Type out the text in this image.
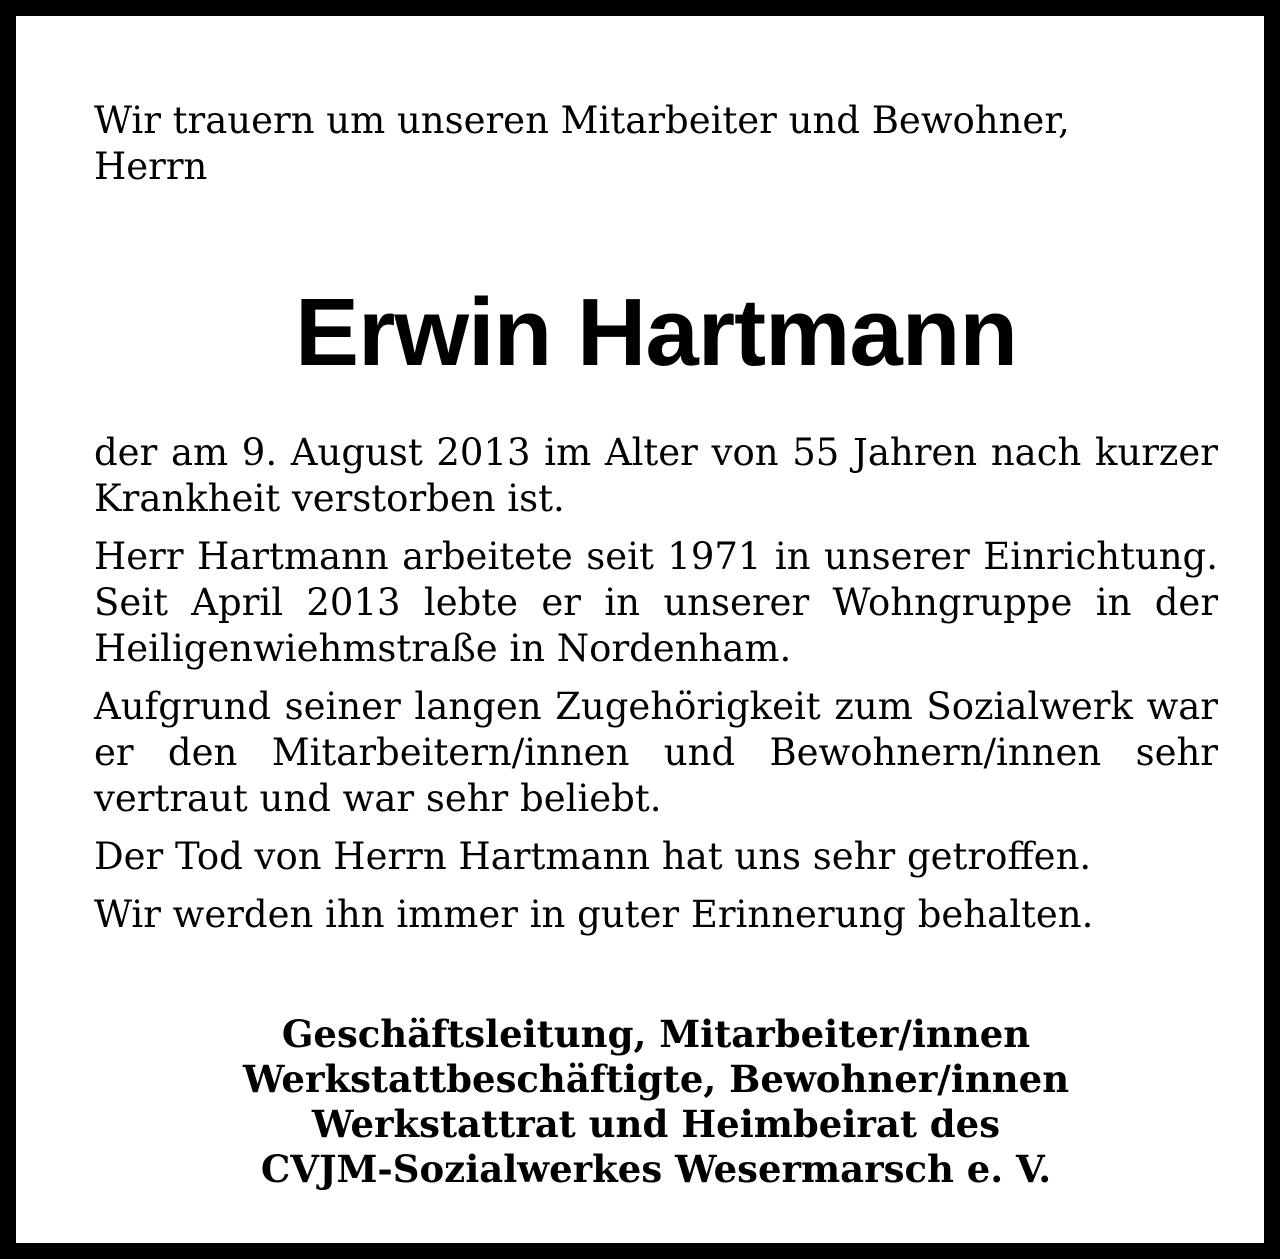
Wir trauern um unseren Mitarbeiter und Bewohner,
Herrn
Erwin Hartmann

der am 9. August 2013 im Alter von 55 Jahren nach kurzer Krankheit verstorben ist.

Herr Hartmann arbeitete seit 1971 in unserer Einrichtung. Seit April 2013 lebte er in unserer Wohngruppe in der Heiligenwiehmstraße in Nordenham.

Aufgrund seiner langen Zugehörigkeit zum Sozialwerk war er den Mitarbeitern/innen und Bewohnern/innen sehr vertraut und war sehr beliebt.

Der Tod von Herrn Hartmann hat uns sehr getroffen.

Wir werden ihn immer in guter Erinnerung behalten.

Geschäftsleitung, Mitarbeiter/innen
Werkstattbeschäftigte, Bewohner/innen
Werkstattrat und Heimbeirat des
CVJM-Sozialwerkes Wesermarsch e. V.
